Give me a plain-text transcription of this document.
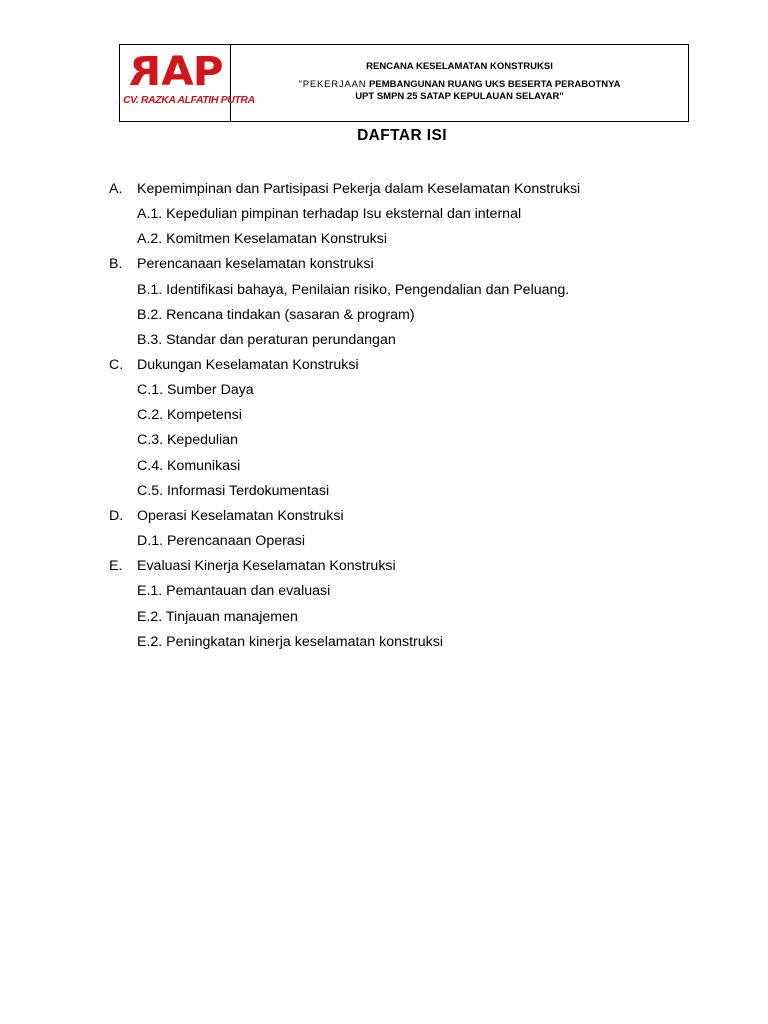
RAP
CV. RAZKA ALFATIH PUTRA
RENCANA KESELAMATAN KONSTRUKSI
"PEKERJAAN PEMBANGUNAN RUANG UKS BESERTA PERABOTNYA
UPT SMPN 25 SATAP KEPULAUAN SELAYAR"
DAFTAR ISI
A. Kepemimpinan dan Partisipasi Pekerja dalam Keselamatan Konstruksi
A.1. Kepedulian pimpinan terhadap Isu eksternal dan internal
A.2. Komitmen Keselamatan Konstruksi
B. Perencanaan keselamatan konstruksi
B.1. Identifikasi bahaya, Penilaian risiko, Pengendalian dan Peluang.
B.2. Rencana tindakan (sasaran & program)
B.3. Standar dan peraturan perundangan
C. Dukungan Keselamatan Konstruksi
C.1. Sumber Daya
C.2. Kompetensi
C.3. Kepedulian
C.4. Komunikasi
C.5. Informasi Terdokumentasi
D. Operasi Keselamatan Konstruksi
D.1. Perencanaan Operasi
E. Evaluasi Kinerja Keselamatan Konstruksi
E.1. Pemantauan dan evaluasi
E.2. Tinjauan manajemen
E.2. Peningkatan kinerja keselamatan konstruksi
